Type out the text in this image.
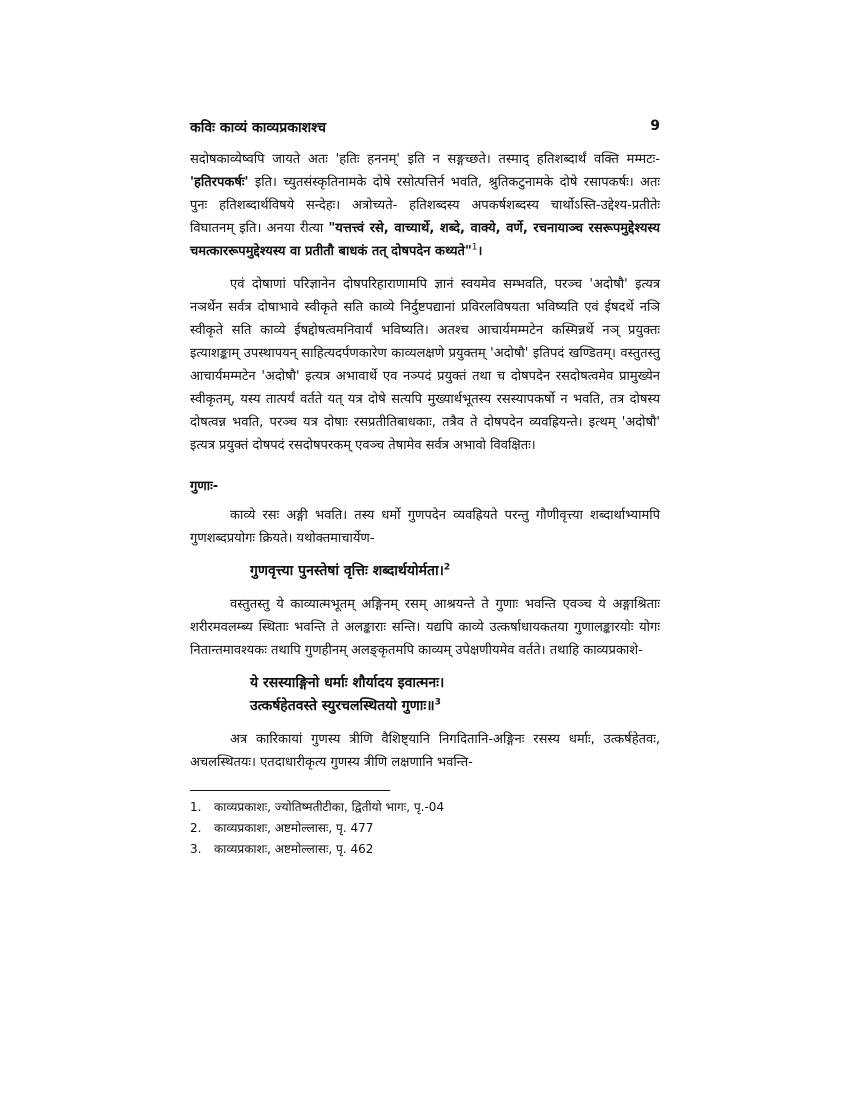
कविः काव्यं काव्यप्रकाशश्च	9

सदोषकाव्येष्वपि जायते अतः 'हतिः हननम्' इति न सङ्गच्छते। तस्माद् हतिशब्दार्थं वक्ति मम्मटः- 'हतिरपकर्षः' इति। च्युतसंस्कृतिनामके दोषे रसोत्पत्तिर्न भवति, श्रुतिकटुनामके दोषे रसापकर्षः। अतः पुनः हतिशब्दार्थविषये सन्देहः। अत्रोच्यते- हतिशब्दस्य अपकर्षशब्दस्य चार्थोऽस्ति-उद्देश्य-प्रतीतेः विघातनम् इति। अनया रीत्या "यत्तत्त्वं रसे, वाच्यार्थे, शब्दे, वाक्ये, वर्णे, रचनायाञ्च रसरूपमुद्देश्यस्य चमत्काररूपमुद्देश्यस्य वा प्रतीतौ बाधकं तत् दोषपदेन कथ्यते"$^1$।

एवं दोषाणां परिज्ञानेन दोषपरिहाराणामपि ज्ञानं स्वयमेव सम्भवति, परञ्च 'अदोषौ' इत्यत्र नञर्थेन सर्वत्र दोषाभावे स्वीकृते सति काव्ये निर्दुष्टपद्यानां प्रविरलविषयता भविष्यति एवं ईषदर्थे नञि स्वीकृते सति काव्ये ईषद्दोषत्वमनिवार्यं भविष्यति। अतश्च आचार्यमम्मटेन कस्मिन्नर्थे नञ् प्रयुक्तः इत्याशङ्काम् उपस्थापयन् साहित्यदर्पणकारेण काव्यलक्षणे प्रयुक्तम् 'अदोषौ' इतिपदं खण्डितम्। वस्तुतस्तु आचार्यमम्मटेन 'अदोषौ' इत्यत्र अभावार्थे एव नञ्पदं प्रयुक्तं तथा च दोषपदेन रसदोषत्वमेव प्रामुख्येन स्वीकृतम्, यस्य तात्पर्यं वर्तते यत् यत्र दोषे सत्यपि मुख्यार्थभूतस्य रसस्यापकर्षो न भवति, तत्र दोषस्य दोषत्वन्न भवति, परञ्च यत्र दोषाः रसप्रतीतिबाधकाः, तत्रैव ते दोषपदेन व्यवह्रियन्ते। इत्थम् 'अदोषौ' इत्यत्र प्रयुक्तं दोषपदं रसदोषपरकम् एवञ्च तेषामेव सर्वत्र अभावो विवक्षितः।

गुणाः-

काव्ये रसः अङ्गी भवति। तस्य धर्मो गुणपदेन व्यवह्रियते परन्तु गौणीवृत्त्या शब्दार्थाभ्यामपि गुणशब्दप्रयोगः क्रियते। यथोक्तमाचार्येण-

गुणवृत्त्या पुनस्तेषां वृत्तिः शब्दार्थयोर्मता।$^2$

वस्तुतस्तु ये काव्यात्मभूतम् अङ्गिनम् रसम् आश्रयन्ते ते गुणाः भवन्ति एवञ्च ये अङ्गाश्रिताः शरीरमवलम्ब्य स्थिताः भवन्ति ते अलङ्काराः सन्ति। यद्यपि काव्ये उत्कर्षाधायकतया गुणालङ्कारयोः योगः नितान्तमावश्यकः तथापि गुणहीनम् अलङ्कृतमपि काव्यम् उपेक्षणीयमेव वर्तते। तथाहि काव्यप्रकाशे-

ये रसस्याङ्गिनो धर्माः शौर्यादय इवात्मनः।
उत्कर्षहेतवस्ते स्युरचलस्थितयो गुणाः॥$^3$

अत्र कारिकायां गुणस्य त्रीणि वैशिष्ट्यानि निगदितानि-अङ्गिनः रसस्य धर्माः, उत्कर्षहेतवः, अचलस्थितयः। एतदाधारीकृत्य गुणस्य त्रीणि लक्षणानि भवन्ति-

1.	काव्यप्रकाशः, ज्योतिष्मतीटीका, द्वितीयो भागः, पृ.-04
2.	काव्यप्रकाशः, अष्टमोल्लासः, पृ. 477
3.	काव्यप्रकाशः, अष्टमोल्लासः, पृ. 462
